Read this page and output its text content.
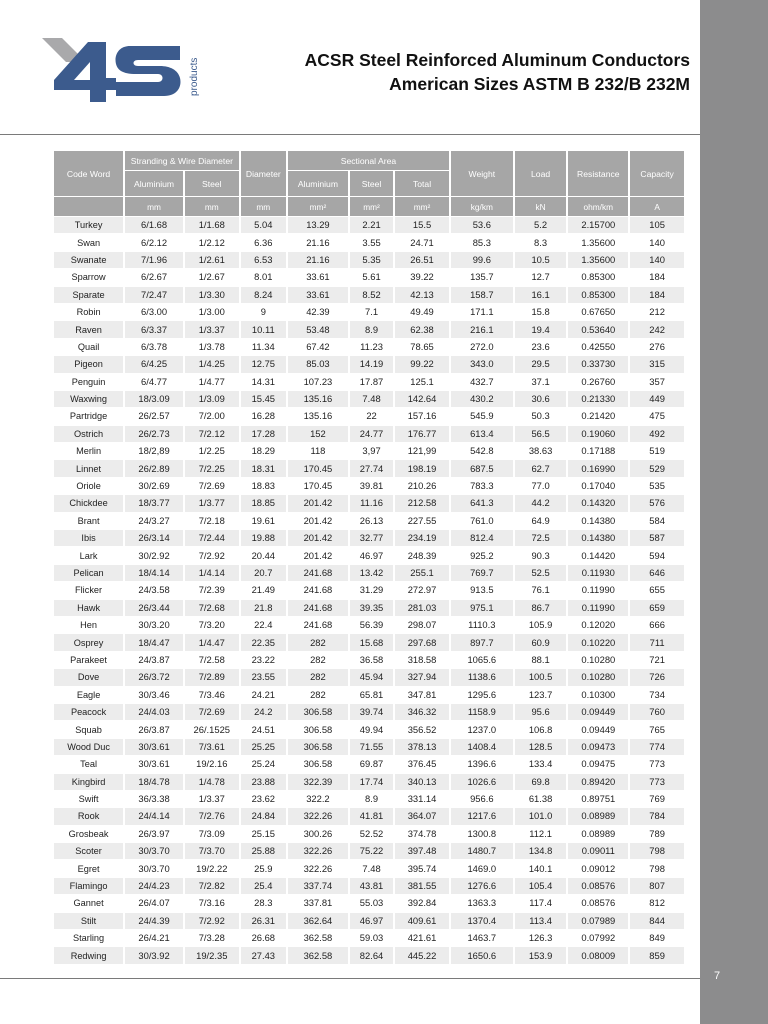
7
products	ACSR Steel Reinforced Aluminum Conductors
American Sizes ASTM B 232/B 232M
Code Word	Stranding & Wire Diameter		Diameter	Sectional Area			Weight	Load	Resistance	Capacity
	Aluminium	Steel		Aluminium	Steel	Total				
	mm	mm	mm	mm²	mm²	mm²	kg/km	kN	ohm/km	A
Turkey	6/1.68	1/1.68	5.04	13.29	2.21	15.5	53.6	5.2	2.15700	105
Swan	6/2.12	1/2.12	6.36	21.16	3.55	24.71	85.3	8.3	1.35600	140
Swanate	7/1.96	1/2.61	6.53	21.16	5.35	26.51	99.6	10.5	1.35600	140
Sparrow	6/2.67	1/2.67	8.01	33.61	5.61	39.22	135.7	12.7	0.85300	184
Sparate	7/2.47	1/3.30	8.24	33.61	8.52	42.13	158.7	16.1	0.85300	184
Robin	6/3.00	1/3.00	9	42.39	7.1	49.49	171.1	15.8	0.67650	212
Raven	6/3.37	1/3.37	10.11	53.48	8.9	62.38	216.1	19.4	0.53640	242
Quail	6/3.78	1/3.78	11.34	67.42	11.23	78.65	272.0	23.6	0.42550	276
Pigeon	6/4.25	1/4.25	12.75	85.03	14.19	99.22	343.0	29.5	0.33730	315
Penguin	6/4.77	1/4.77	14.31	107.23	17.87	125.1	432.7	37.1	0.26760	357
Waxwing	18/3.09	1/3.09	15.45	135.16	7.48	142.64	430.2	30.6	0.21330	449
Partridge	26/2.57	7/2.00	16.28	135.16	22	157.16	545.9	50.3	0.21420	475
Ostrich	26/2.73	7/2.12	17.28	152	24.77	176.77	613.4	56.5	0.19060	492
Merlin	18/2,89	1/2.25	18.29	118	3,97	121,99	542.8	38.63	0.17188	519
Linnet	26/2.89	7/2.25	18.31	170.45	27.74	198.19	687.5	62.7	0.16990	529
Oriole	30/2.69	7/2.69	18.83	170.45	39.81	210.26	783.3	77.0	0.17040	535
Chickdee	18/3.77	1/3.77	18.85	201.42	11.16	212.58	641.3	44.2	0.14320	576
Brant	24/3.27	7/2.18	19.61	201.42	26.13	227.55	761.0	64.9	0.14380	584
Ibis	26/3.14	7/2.44	19.88	201.42	32.77	234.19	812.4	72.5	0.14380	587
Lark	30/2.92	7/2.92	20.44	201.42	46.97	248.39	925.2	90.3	0.14420	594
Pelican	18/4.14	1/4.14	20.7	241.68	13.42	255.1	769.7	52.5	0.11930	646
Flicker	24/3.58	7/2.39	21.49	241.68	31.29	272.97	913.5	76.1	0.11990	655
Hawk	26/3.44	7/2.68	21.8	241.68	39.35	281.03	975.1	86.7	0.11990	659
Hen	30/3.20	7/3.20	22.4	241.68	56.39	298.07	1110.3	105.9	0.12020	666
Osprey	18/4.47	1/4.47	22.35	282	15.68	297.68	897.7	60.9	0.10220	711
Parakeet	24/3.87	7/2.58	23.22	282	36.58	318.58	1065.6	88.1	0.10280	721
Dove	26/3.72	7/2.89	23.55	282	45.94	327.94	1138.6	100.5	0.10280	726
Eagle	30/3.46	7/3.46	24.21	282	65.81	347.81	1295.6	123.7	0.10300	734
Peacock	24/4.03	7/2.69	24.2	306.58	39.74	346.32	1158.9	95.6	0.09449	760
Squab	26/3.87	26/.1525	24.51	306.58	49.94	356.52	1237.0	106.8	0.09449	765
Wood Duc	30/3.61	7/3.61	25.25	306.58	71.55	378.13	1408.4	128.5	0.09473	774
Teal	30/3.61	19/2.16	25.24	306.58	69.87	376.45	1396.6	133.4	0.09475	773
Kingbird	18/4.78	1/4.78	23.88	322.39	17.74	340.13	1026.6	69.8	0.89420	773
Swift	36/3.38	1/3.37	23.62	322.2	8.9	331.14	956.6	61.38	0.89751	769
Rook	24/4.14	7/2.76	24.84	322.26	41.81	364.07	1217.6	101.0	0.08989	784
Grosbeak	26/3.97	7/3.09	25.15	300.26	52.52	374.78	1300.8	112.1	0.08989	789
Scoter	30/3.70	7/3.70	25.88	322.26	75.22	397.48	1480.7	134.8	0.09011	798
Egret	30/3.70	19/2.22	25.9	322.26	7.48	395.74	1469.0	140.1	0.09012	798
Flamingo	24/4.23	7/2.82	25.4	337.74	43.81	381.55	1276.6	105.4	0.08576	807
Gannet	26/4.07	7/3.16	28.3	337.81	55.03	392.84	1363.3	117.4	0.08576	812
Stilt	24/4.39	7/2.92	26.31	362.64	46.97	409.61	1370.4	113.4	0.07989	844
Starling	26/4.21	7/3.28	26.68	362.58	59.03	421.61	1463.7	126.3	0.07992	849
Redwing	30/3.92	19/2.35	27.43	362.58	82.64	445.22	1650.6	153.9	0.08009	859
